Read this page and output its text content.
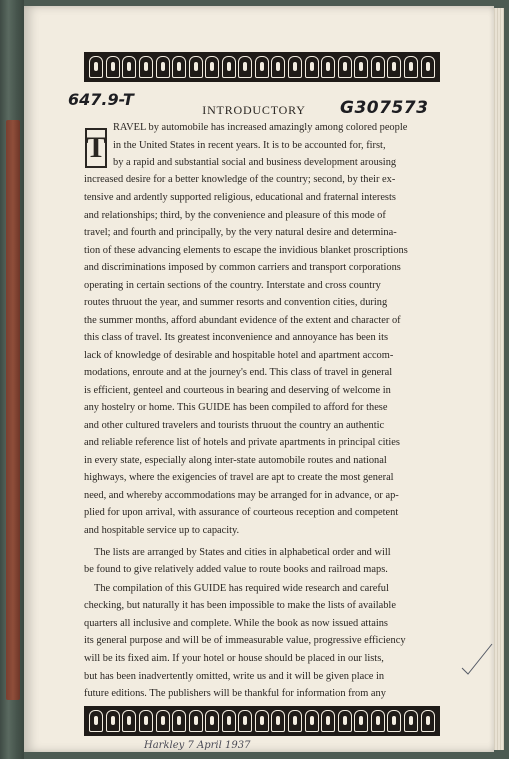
647.9-T	G307573
INTRODUCTORY
T
RAVEL by automobile has increased amazingly among colored people
in the United States in recent years. It is to be accounted for, first,
by a rapid and substantial social and business development arousing
increased desire for a better knowledge of the country; second, by their ex-
tensive and ardently supported religious, educational and fraternal interests
and relationships; third, by the convenience and pleasure of this mode of
travel; and fourth and principally, by the very natural desire and determina-
tion of these advancing elements to escape the invidious blanket proscriptions
and discriminations imposed by common carriers and transport corporations
operating in certain sections of the country. Interstate and cross country
routes thruout the year, and summer resorts and convention cities, during
the summer months, afford abundant evidence of the extent and character of
this class of travel. Its greatest inconvenience and annoyance has been its
lack of knowledge of desirable and hospitable hotel and apartment accom-
modations, enroute and at the journey's end. This class of travel in general
is efficient, genteel and courteous in bearing and deserving of welcome in
any hostelry or home. This GUIDE has been compiled to afford for these
and other cultured travelers and tourists thruout the country an authentic
and reliable reference list of hotels and private apartments in principal cities
in every state, especially along inter-state automobile routes and national
highways, where the exigencies of travel are apt to create the most general
need, and whereby accommodations may be arranged for in advance, or ap-
plied for upon arrival, with assurance of courteous reception and competent
and hospitable service up to capacity.
The lists are arranged by States and cities in alphabetical order and will
be found to give relatively added value to route books and railroad maps.
The compilation of this GUIDE has required wide research and careful
checking, but naturally it has been impossible to make the lists of available
quarters all inclusive and complete. While the book as now issued attains
its general purpose and will be of immeasurable value, progressive efficiency
will be its fixed aim. If your hotel or house should be placed in our lists,
but has been inadvertently omitted, write us and it will be given place in
future editions. The publishers will be thankful for information from any
Harkley 7 April 1937
